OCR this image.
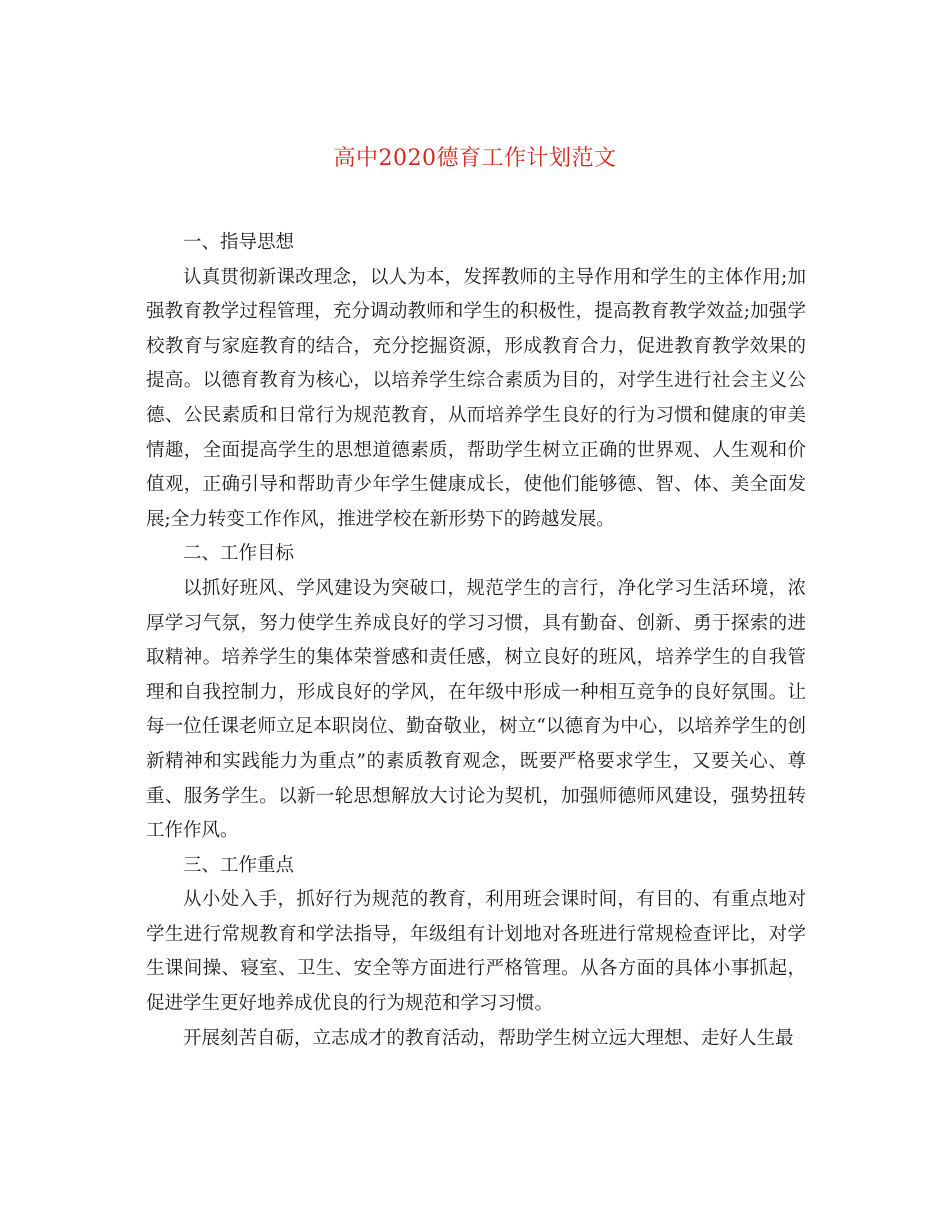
高中2020德育工作计划范文

一、指导思想

认真贯彻新课改理念，以人为本，发挥教师的主导作用和学生的主体作用;加强教育教学过程管理，充分调动教师和学生的积极性，提高教育教学效益;加强学校教育与家庭教育的结合，充分挖掘资源，形成教育合力，促进教育教学效果的提高。以德育教育为核心，以培养学生综合素质为目的，对学生进行社会主义公德、公民素质和日常行为规范教育，从而培养学生良好的行为习惯和健康的审美情趣，全面提高学生的思想道德素质，帮助学生树立正确的世界观、人生观和价值观，正确引导和帮助青少年学生健康成长，使他们能够德、智、体、美全面发展;全力转变工作作风，推进学校在新形势下的跨越发展。

二、工作目标

以抓好班风、学风建设为突破口，规范学生的言行，净化学习生活环境，浓厚学习气氛，努力使学生养成良好的学习习惯，具有勤奋、创新、勇于探索的进取精神。培养学生的集体荣誉感和责任感，树立良好的班风，培养学生的自我管理和自我控制力，形成良好的学风，在年级中形成一种相互竞争的良好氛围。让每一位任课老师立足本职岗位、勤奋敬业，树立“以德育为中心，以培养学生的创新精神和实践能力为重点”的素质教育观念，既要严格要求学生，又要关心、尊重、服务学生。以新一轮思想解放大讨论为契机，加强师德师风建设，强势扭转工作作风。

三、工作重点

从小处入手，抓好行为规范的教育，利用班会课时间，有目的、有重点地对学生进行常规教育和学法指导，年级组有计划地对各班进行常规检查评比，对学生课间操、寝室、卫生、安全等方面进行严格管理。从各方面的具体小事抓起，促进学生更好地养成优良的行为规范和学习习惯。

开展刻苦自砺，立志成才的教育活动，帮助学生树立远大理想、走好人生最
